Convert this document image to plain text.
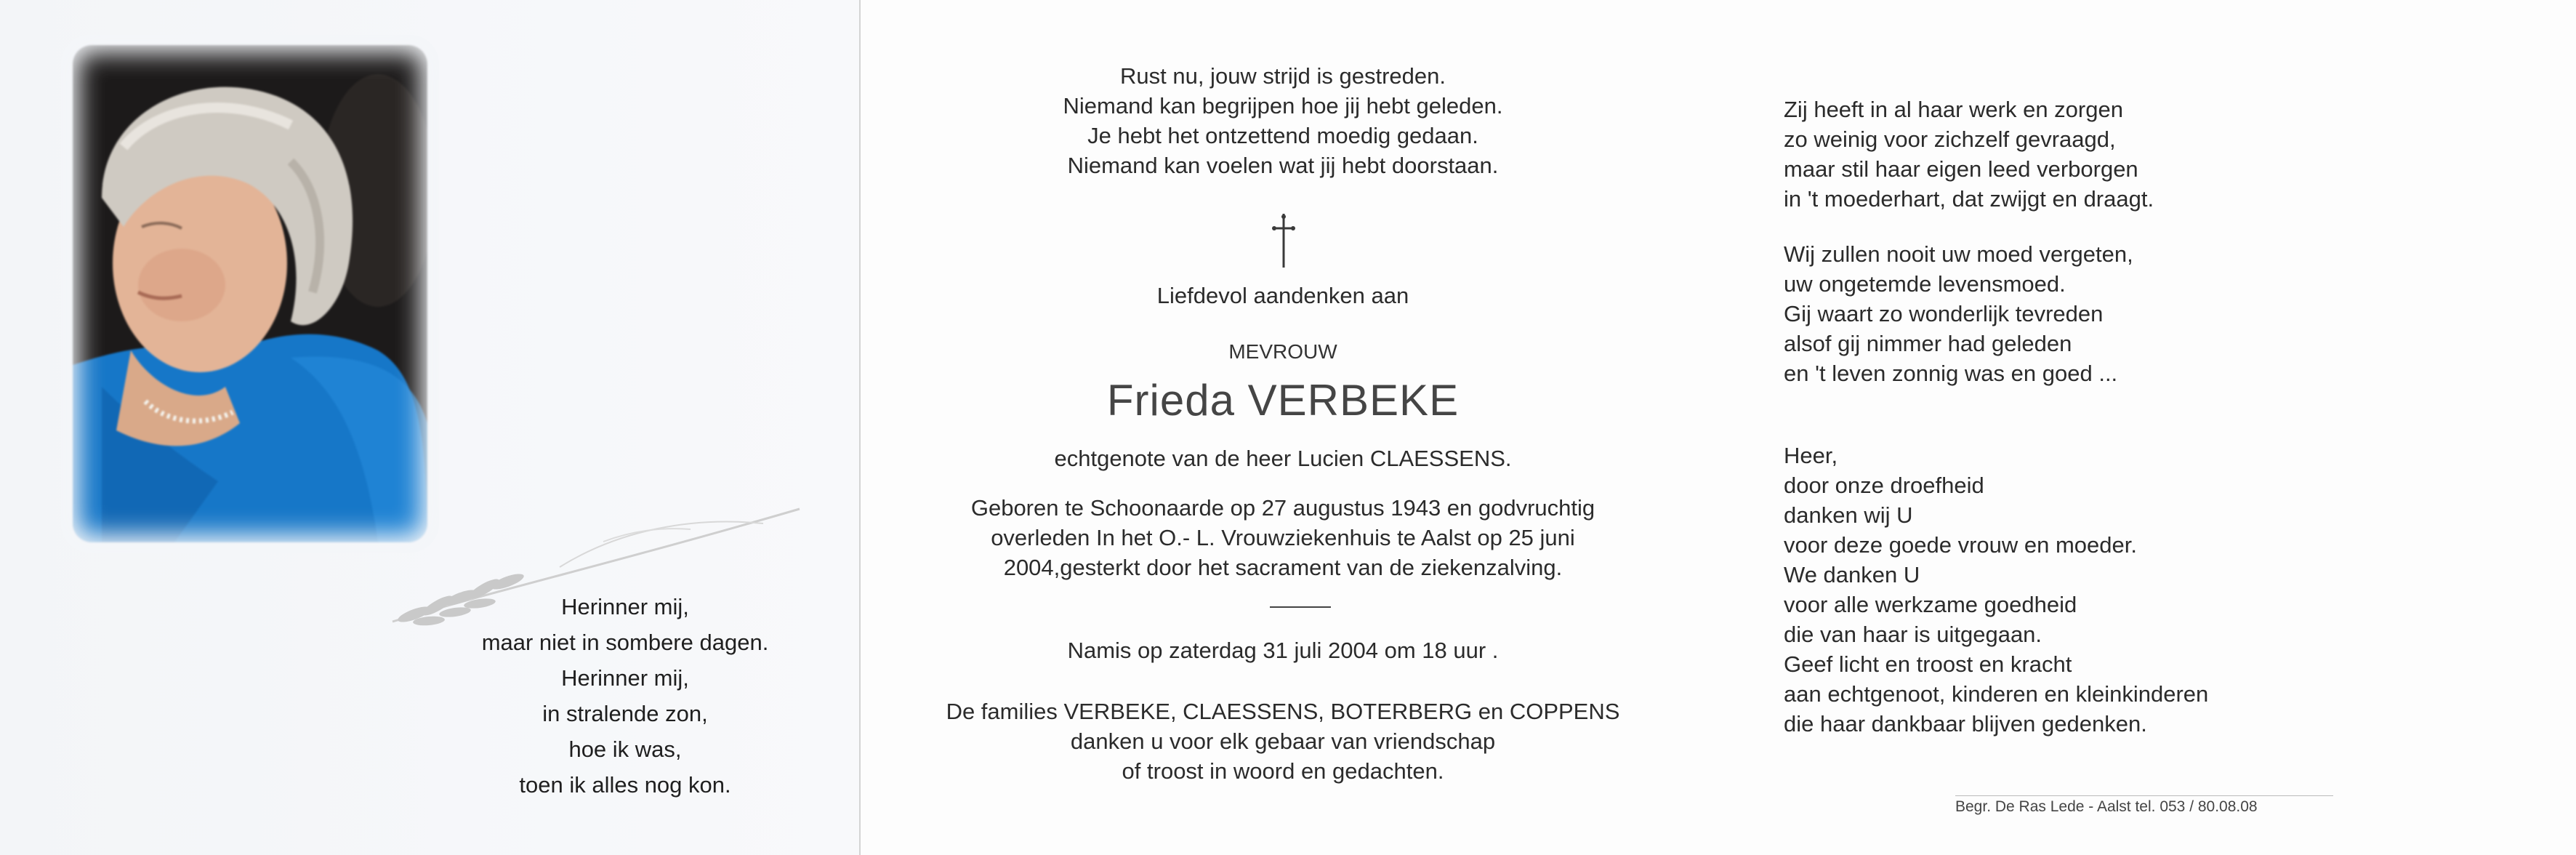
Herinner mij,
maar niet in sombere dagen.
Herinner mij,
in stralende zon,
hoe ik was,
toen ik alles nog kon.
Rust nu, jouw strijd is gestreden.
Niemand kan begrijpen hoe jij hebt geleden.
Je hebt het ontzettend moedig gedaan.
Niemand kan voelen wat jij hebt doorstaan.
Liefdevol aandenken aan
MEVROUW
Frieda VERBEKE
echtgenote van de heer Lucien CLAESSENS.
Geboren te Schoonaarde op 27 augustus 1943 en godvruchtig
overleden In het O.- L. Vrouwziekenhuis te Aalst op 25 juni
2004,gesterkt door het sacrament van de ziekenzalving.
Namis op zaterdag 31 juli 2004 om 18 uur .
De families VERBEKE, CLAESSENS, BOTERBERG en COPPENS
danken u voor elk gebaar van vriendschap
of troost in woord en gedachten.
Zij heeft in al haar werk en zorgen
zo weinig voor zichzelf gevraagd,
maar stil haar eigen leed verborgen
in 't moederhart, dat zwijgt en draagt.
Wij zullen nooit uw moed vergeten,
uw ongetemde levensmoed.
Gij waart zo wonderlijk tevreden
alsof gij nimmer had geleden
en 't leven zonnig was en goed ...
Heer,
door onze droefheid
danken wij U
voor deze goede vrouw en moeder.
We danken U
voor alle werkzame goedheid
die van haar is uitgegaan.
Geef licht en troost en kracht
aan echtgenoot, kinderen en kleinkinderen
die haar dankbaar blijven gedenken.
Begr. De Ras Lede - Aalst tel. 053 / 80.08.08
